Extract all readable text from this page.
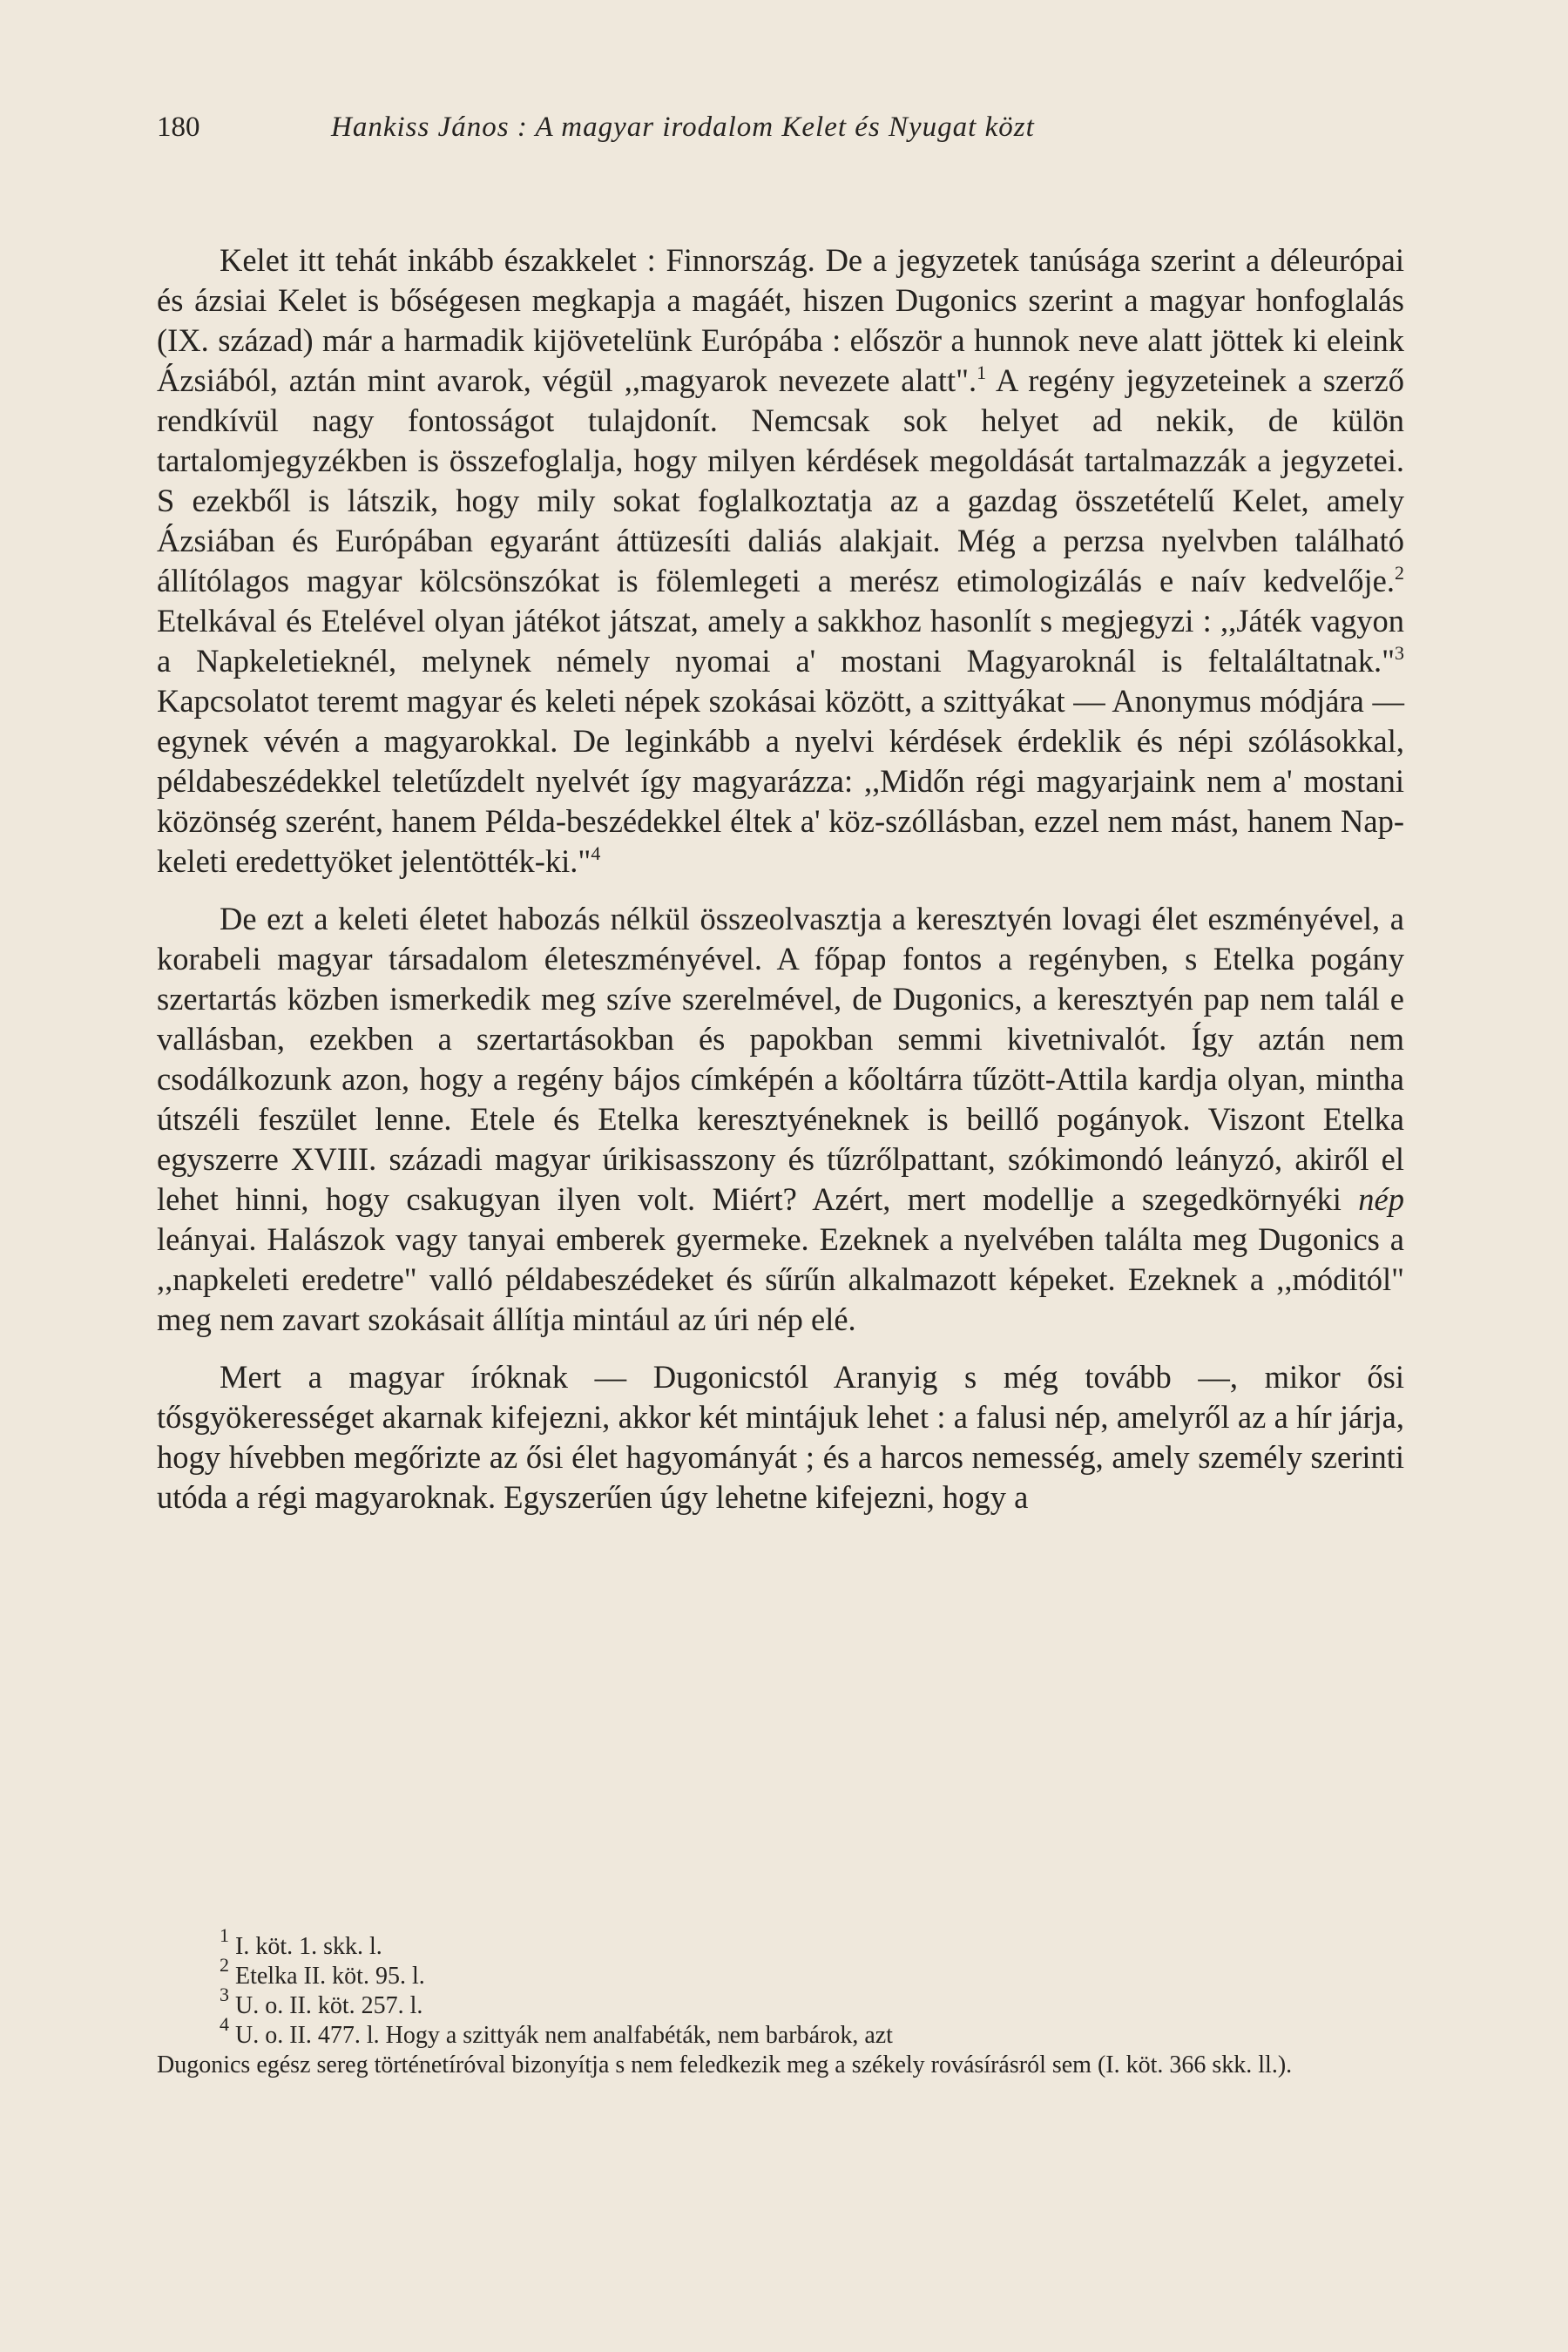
180	Hankiss János : A magyar irodalom Kelet és Nyugat közt

Kelet itt tehát inkább északkelet : Finnország. De a jegyzetek tanúsága szerint a déleurópai és ázsiai Kelet is bőségesen megkapja a magáét, hiszen Dugonics szerint a magyar honfoglalás (IX. század) már a harmadik kijövetelünk Európába : először a hunnok neve alatt jöttek ki eleink Ázsiából, aztán mint avarok, végül ,,magyarok nevezete alatt".$^1$ A regény jegyzeteinek a szerző rendkívül nagy fontosságot tulajdonít. Nemcsak sok helyet ad nekik, de külön tartalomjegyzékben is összefoglalja, hogy milyen kérdések megoldását tartalmazzák a jegyzetei. S ezekből is látszik, hogy mily sokat foglalkoztatja az a gazdag összetételű Kelet, amely Ázsiában és Európában egyaránt áttüzesíti daliás alakjait. Még a perzsa nyelvben található állítólagos magyar kölcsönszókat is fölemlegeti a merész etimologizálás e naív kedvelője.$^2$ Etelkával és Etelével olyan játékot játszat, amely a sakkhoz hasonlít s megjegyzi : ,,Játék vagyon a Napkeletieknél, melynek némely nyomai a' mostani Magyaroknál is feltaláltatnak."$^3$ Kapcsolatot teremt magyar és keleti népek szokásai között, a szittyákat — Anonymus módjára — egynek vévén a magyarokkal. De leginkább a nyelvi kérdések érdeklik és népi szólásokkal, példabeszédekkel teletűzdelt nyelvét így magyarázza: ,,Midőn régi magyarjaink nem a' mostani közönség szerént, hanem Példa-beszédekkel éltek a' köz-szóllásban, ezzel nem mást, hanem Nap-keleti eredettyöket jelentötték-ki."$^4$

De ezt a keleti életet habozás nélkül összeolvasztja a keresztyén lovagi élet eszményével, a korabeli magyar társadalom életeszményével. A főpap fontos a regényben, s Etelka pogány szertartás közben ismerkedik meg szíve szerelmével, de Dugonics, a keresztyén pap nem talál e vallásban, ezekben a szertartásokban és papokban semmi kivetnivalót. Így aztán nem csodálkozunk azon, hogy a regény bájos címképén a kőoltárra tűzött-Attila kardja olyan, mintha útszéli feszület lenne. Etele és Etelka keresztyéneknek is beillő pogányok. Viszont Etelka egyszerre XVIII. századi magyar úrikisasszony és tűzrőlpattant, szókimondó leányzó, akiről el lehet hinni, hogy csakugyan ilyen volt. Miért? Azért, mert modellje a szegedkörnyéki nép leányai. Halászok vagy tanyai emberek gyermeke. Ezeknek a nyelvében találta meg Dugonics a ,,napkeleti eredetre" valló példabeszédeket és sűrűn alkalmazott képeket. Ezeknek a ,,móditól" meg nem zavart szokásait állítja mintául az úri nép elé.

Mert a magyar íróknak — Dugonicstól Aranyig s még tovább —, mikor ősi tősgyökerességet akarnak kifejezni, akkor két mintájuk lehet : a falusi nép, amelyről az a hír járja, hogy hívebben megőrizte az ősi élet hagyományát ; és a harcos nemesség, amely személy szerinti utóda a régi magyaroknak. Egyszerűen úgy lehetne kifejezni, hogy a

$^1$ I. köt. 1. skk. l.
$^2$ Etelka II. köt. 95. l.
$^3$ U. o. II. köt. 257. l.
$^4$ U. o. II. 477. l. Hogy a szittyák nem analfabéták, nem barbárok, azt
Dugonics egész sereg történetíróval bizonyítja s nem feledkezik meg a székely rovásírásról sem (I. köt. 366 skk. ll.).
